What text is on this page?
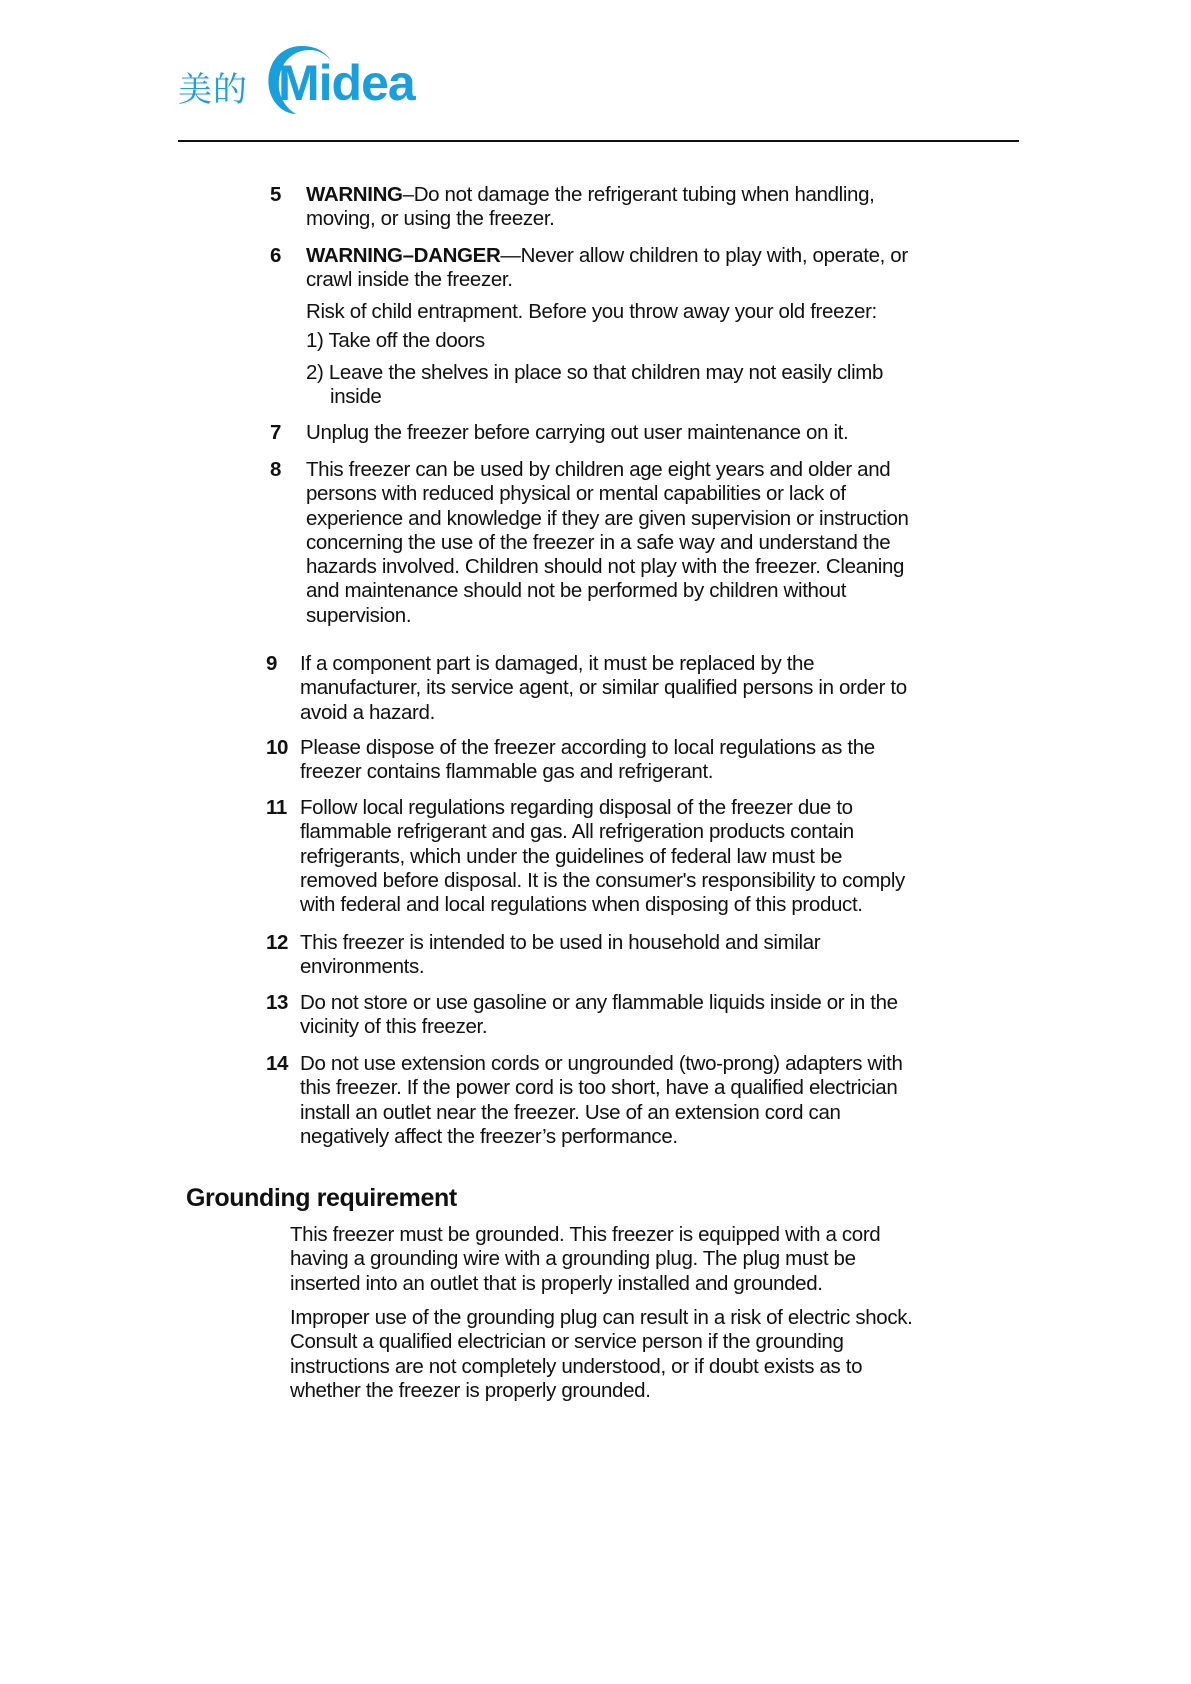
美的 Midea
5 WARNING–Do not damage the refrigerant tubing when handling,
moving, or using the freezer.
6 WARNING–DANGER—Never allow children to play with, operate, or
crawl inside the freezer.
Risk of child entrapment. Before you throw away your old freezer:
1) Take off the doors
2) Leave the shelves in place so that children may not easily climb
inside
7 Unplug the freezer before carrying out user maintenance on it.
8 This freezer can be used by children age eight years and older and
persons with reduced physical or mental capabilities or lack of
experience and knowledge if they are given supervision or instruction
concerning the use of the freezer in a safe way and understand the
hazards involved. Children should not play with the freezer. Cleaning
and maintenance should not be performed by children without
supervision.
9 If a component part is damaged, it must be replaced by the
manufacturer, its service agent, or similar qualified persons in order to
avoid a hazard.
10 Please dispose of the freezer according to local regulations as the
freezer contains flammable gas and refrigerant.
11 Follow local regulations regarding disposal of the freezer due to
flammable refrigerant and gas. All refrigeration products contain
refrigerants, which under the guidelines of federal law must be
removed before disposal. It is the consumer's responsibility to comply
with federal and local regulations when disposing of this product.
12 This freezer is intended to be used in household and similar
environments.
13 Do not store or use gasoline or any flammable liquids inside or in the
vicinity of this freezer.
14 Do not use extension cords or ungrounded (two-prong) adapters with
this freezer. If the power cord is too short, have a qualified electrician
install an outlet near the freezer. Use of an extension cord can
negatively affect the freezer’s performance.
Grounding requirement
This freezer must be grounded. This freezer is equipped with a cord
having a grounding wire with a grounding plug. The plug must be
inserted into an outlet that is properly installed and grounded.
Improper use of the grounding plug can result in a risk of electric shock.
Consult a qualified electrician or service person if the grounding
instructions are not completely understood, or if doubt exists as to
whether the freezer is properly grounded.
